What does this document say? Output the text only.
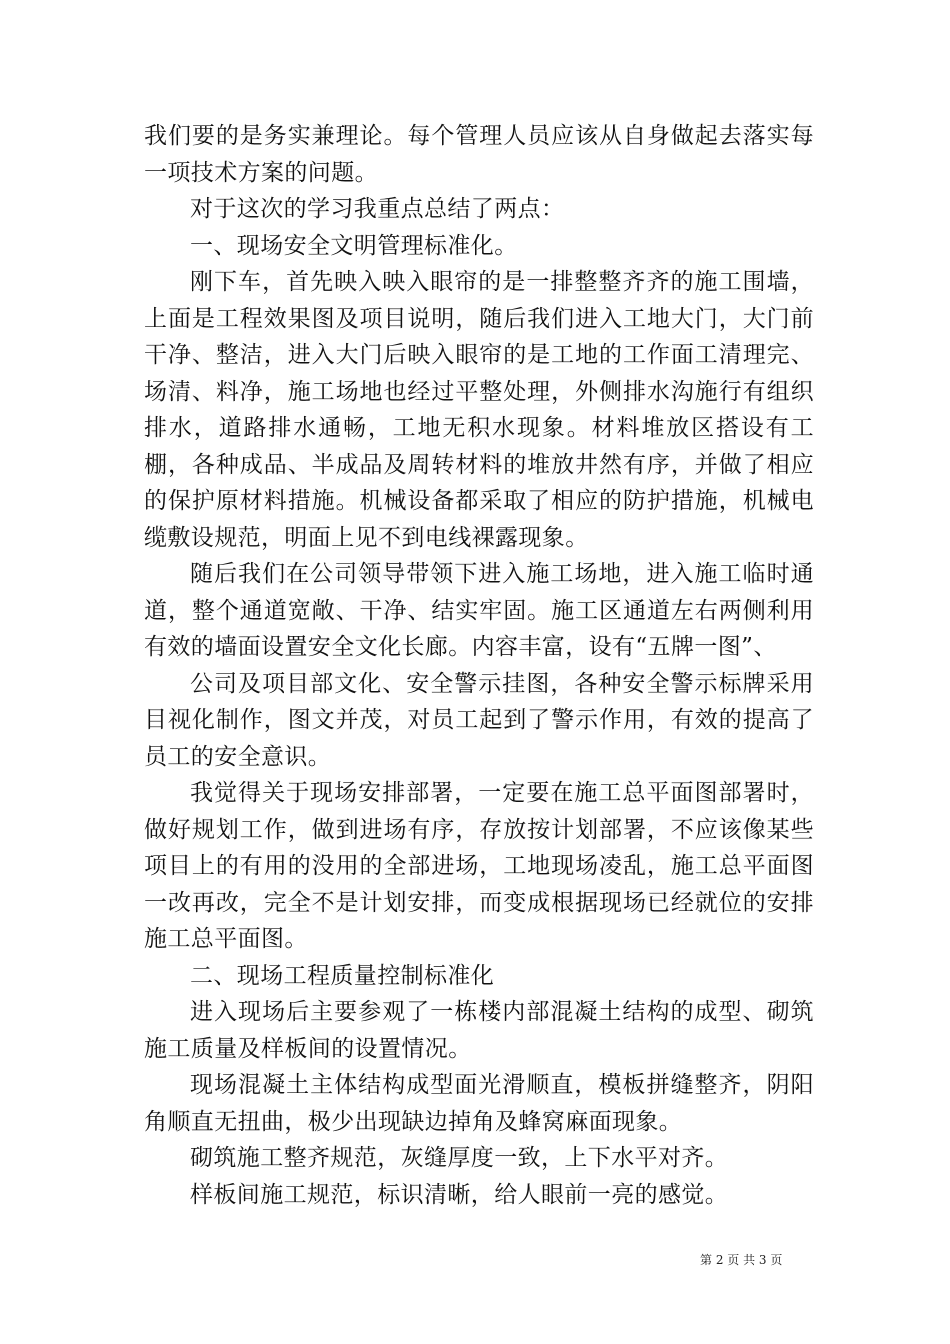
我们要的是务实兼理论。每个管理人员应该从自身做起去落实每一项技术方案的问题。

对于这次的学习我重点总结了两点：

一、现场安全文明管理标准化。

刚下车，首先映入映入眼帘的是一排整整齐齐的施工围墙，上面是工程效果图及项目说明，随后我们进入工地大门，大门前干净、整洁，进入大门后映入眼帘的是工地的工作面工清理完、场清、料净，施工场地也经过平整处理，外侧排水沟施行有组织排水，道路排水通畅，工地无积水现象。材料堆放区搭设有工棚，各种成品、半成品及周转材料的堆放井然有序，并做了相应的保护原材料措施。机械设备都采取了相应的防护措施，机械电缆敷设规范，明面上见不到电线裸露现象。

随后我们在公司领导带领下进入施工场地，进入施工临时通道，整个通道宽敞、干净、结实牢固。施工区通道左右两侧利用有效的墙面设置安全文化长廊。内容丰富，设有“五牌一图”、

公司及项目部文化、安全警示挂图，各种安全警示标牌采用目视化制作，图文并茂，对员工起到了警示作用，有效的提高了员工的安全意识。

我觉得关于现场安排部署，一定要在施工总平面图部署时，做好规划工作，做到进场有序，存放按计划部署，不应该像某些项目上的有用的没用的全部进场，工地现场凌乱，施工总平面图一改再改，完全不是计划安排，而变成根据现场已经就位的安排施工总平面图。

二、现场工程质量控制标准化

进入现场后主要参观了一栋楼内部混凝土结构的成型、砌筑施工质量及样板间的设置情况。

现场混凝土主体结构成型面光滑顺直，模板拼缝整齐，阴阳角顺直无扭曲，极少出现缺边掉角及蜂窝麻面现象。

砌筑施工整齐规范，灰缝厚度一致，上下水平对齐。

样板间施工规范，标识清晰，给人眼前一亮的感觉。

第 2 页 共 3 页
